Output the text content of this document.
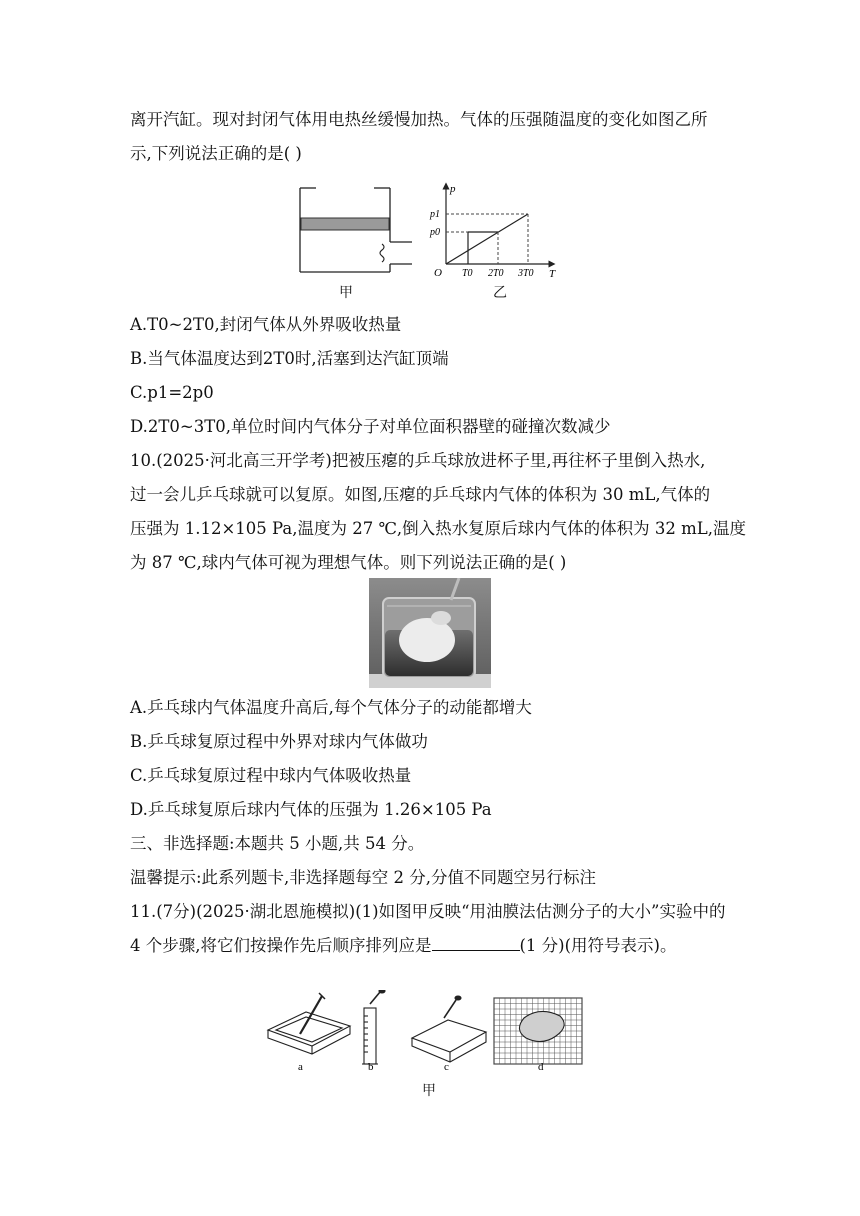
离开汽缸。现对封闭气体用电热丝缓慢加热。气体的压强随温度的变化如图乙所
示,下列说法正确的是( )
甲
p
T
O
p1
p0
T0 2T0 3T0
乙
A.T0~2T0,封闭气体从外界吸收热量
B.当气体温度达到2T0时,活塞到达汽缸顶端
C.p1=2p0
D.2T0~3T0,单位时间内气体分子对单位面积器壁的碰撞次数减少
10.(2025·河北高三开学考)把被压瘪的乒乓球放进杯子里,再往杯子里倒入热水,
过一会儿乒乓球就可以复原。如图,压瘪的乒乓球内气体的体积为 30 mL,气体的
压强为 1.12×105 Pa,温度为 27 ℃,倒入热水复原后球内气体的体积为 32 mL,温度
为 87 ℃,球内气体可视为理想气体。则下列说法正确的是( )
A.乒乓球内气体温度升高后,每个气体分子的动能都增大
B.乒乓球复原过程中外界对球内气体做功
C.乒乓球复原过程中球内气体吸收热量
D.乒乓球复原后球内气体的压强为 1.26×105 Pa
三、非选择题:本题共 5 小题,共 54 分。
温馨提示:此系列题卡,非选择题每空 2 分,分值不同题空另行标注
11.(7分)(2025·湖北恩施模拟)(1)如图甲反映“用油膜法估测分子的大小”实验中的
4 个步骤,将它们按操作先后顺序排列应是	(1 分)(用符号表示)。
a	b	c	d
甲
